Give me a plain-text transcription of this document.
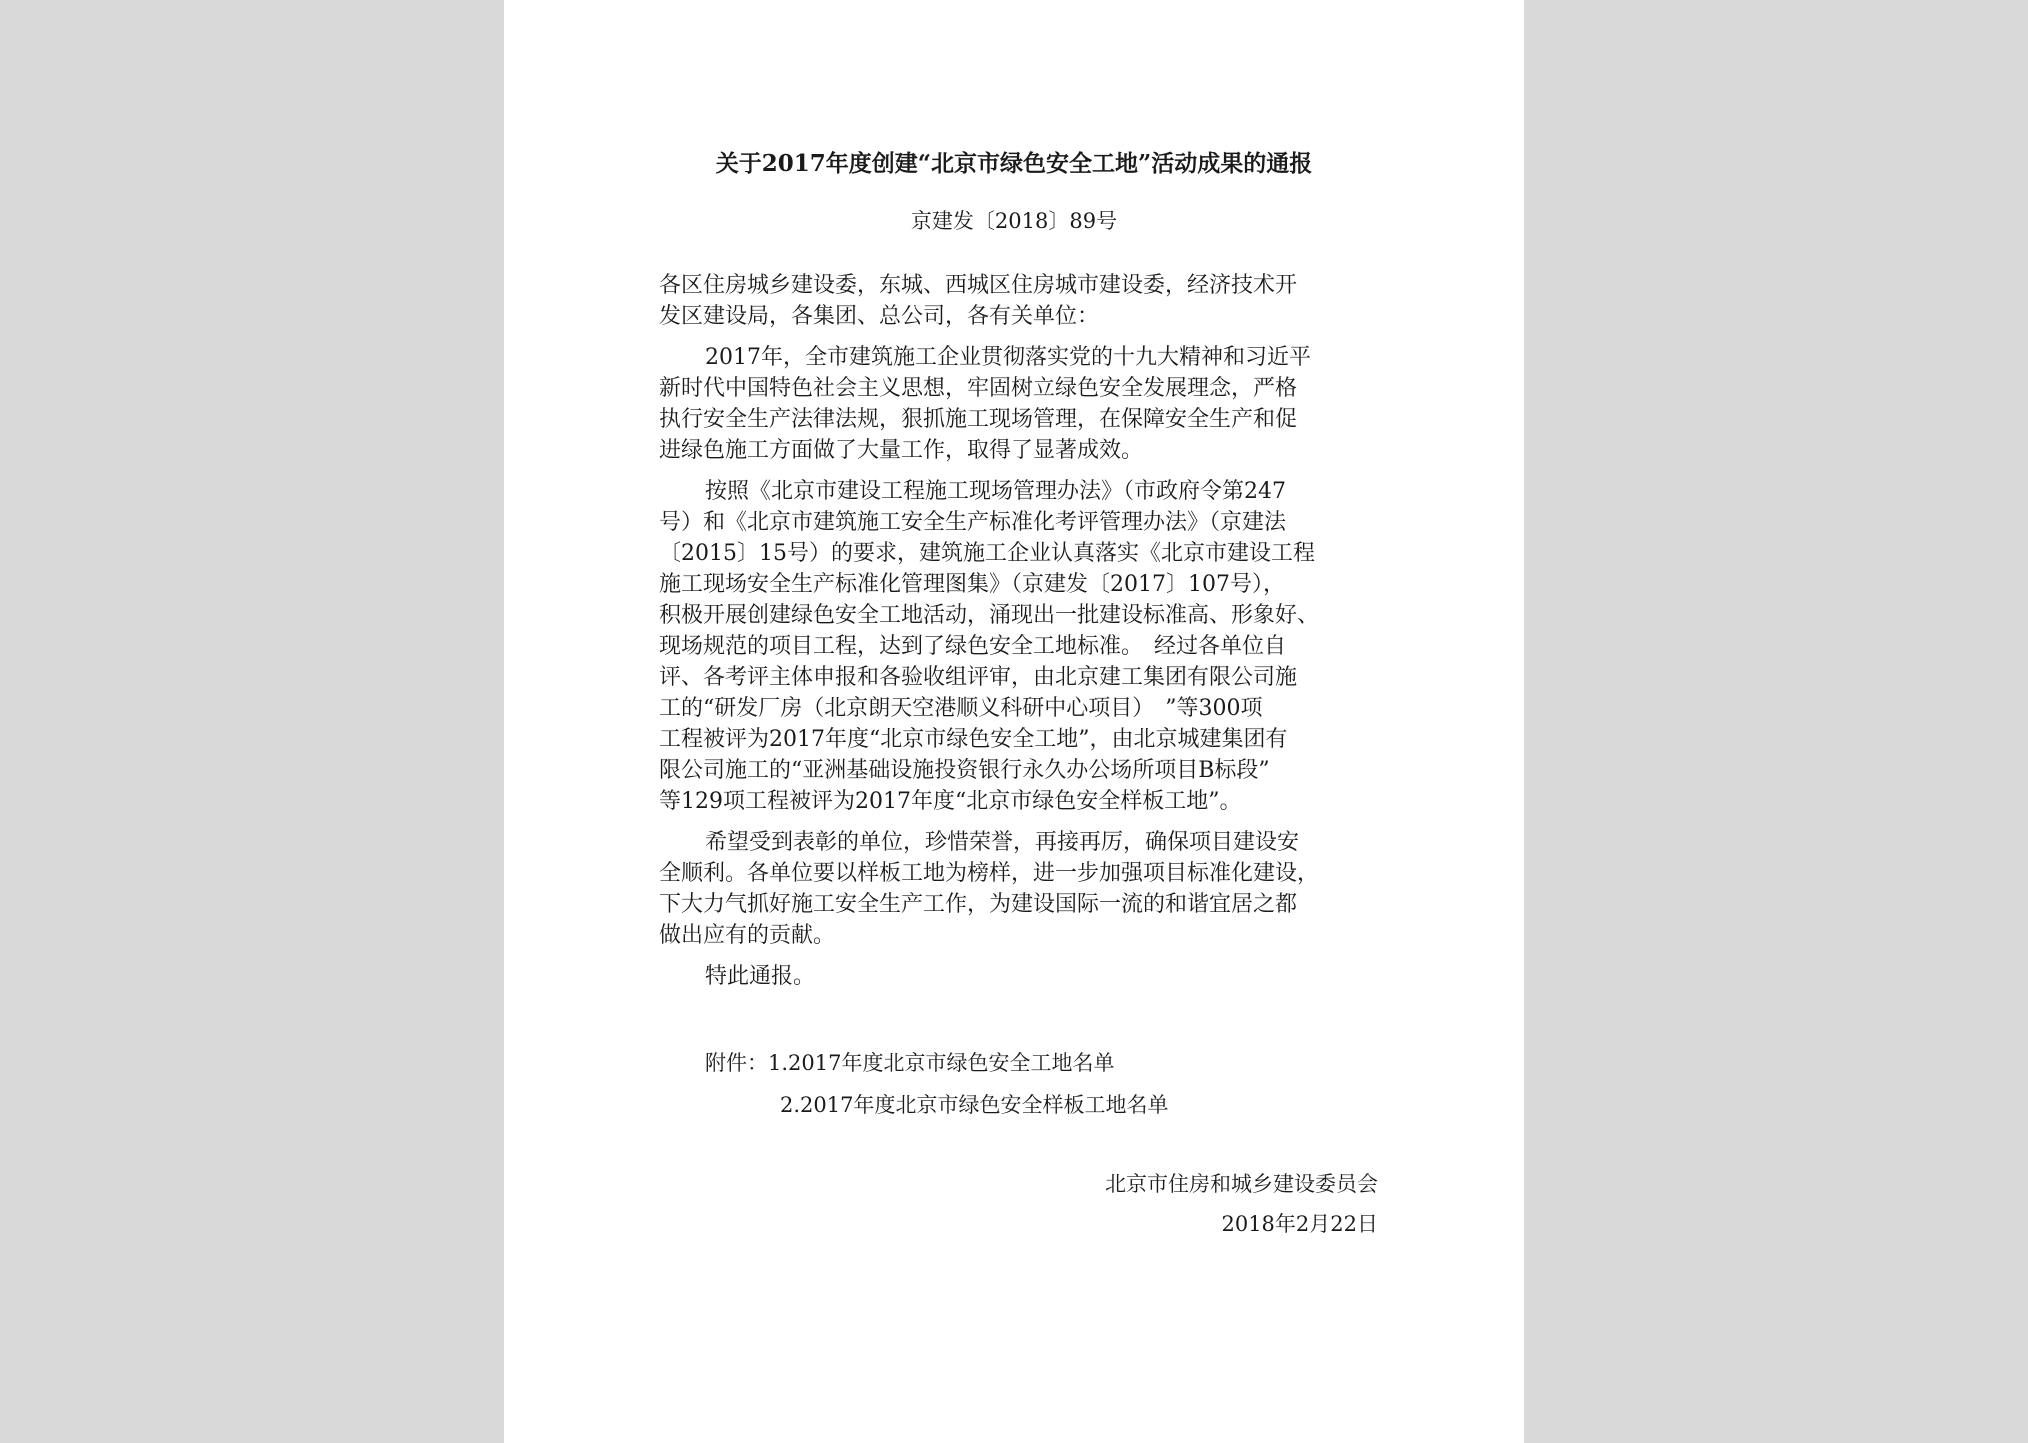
关于2017年度创建“北京市绿色安全工地”活动成果的通报

京建发〔2018〕89号

各区住房城乡建设委，东城、西城区住房城市建设委，经济技术开

发区建设局，各集团、总公司，各有关单位：

2017年，全市建筑施工企业贯彻落实党的十九大精神和习近平

新时代中国特色社会主义思想，牢固树立绿色安全发展理念，严格

执行安全生产法律法规，狠抓施工现场管理，在保障安全生产和促

进绿色施工方面做了大量工作，取得了显著成效。

按照《北京市建设工程施工现场管理办法》（市政府令第247

号）和《北京市建筑施工安全生产标准化考评管理办法》（京建法

〔2015〕15号）的要求，建筑施工企业认真落实《北京市建设工程

施工现场安全生产标准化管理图集》（京建发〔2017〕107号），

积极开展创建绿色安全工地活动，涌现出一批建设标准高、形象好、

现场规范的项目工程，达到了绿色安全工地标准。　经过各单位自

评、各考评主体申报和各验收组评审，由北京建工集团有限公司施

工的“研发厂房（北京朗天空港顺义科研中心项目）　”等300项

工程被评为2017年度“北京市绿色安全工地”，由北京城建集团有

限公司施工的“亚洲基础设施投资银行永久办公场所项目B标段”

等129项工程被评为2017年度“北京市绿色安全样板工地”。

希望受到表彰的单位，珍惜荣誉，再接再厉，确保项目建设安

全顺利。各单位要以样板工地为榜样，进一步加强项目标准化建设，

下大力气抓好施工安全生产工作，为建设国际一流的和谐宜居之都

做出应有的贡献。

特此通报。

附件：1.2017年度北京市绿色安全工地名单

2.2017年度北京市绿色安全样板工地名单

北京市住房和城乡建设委员会

2018年2月22日
